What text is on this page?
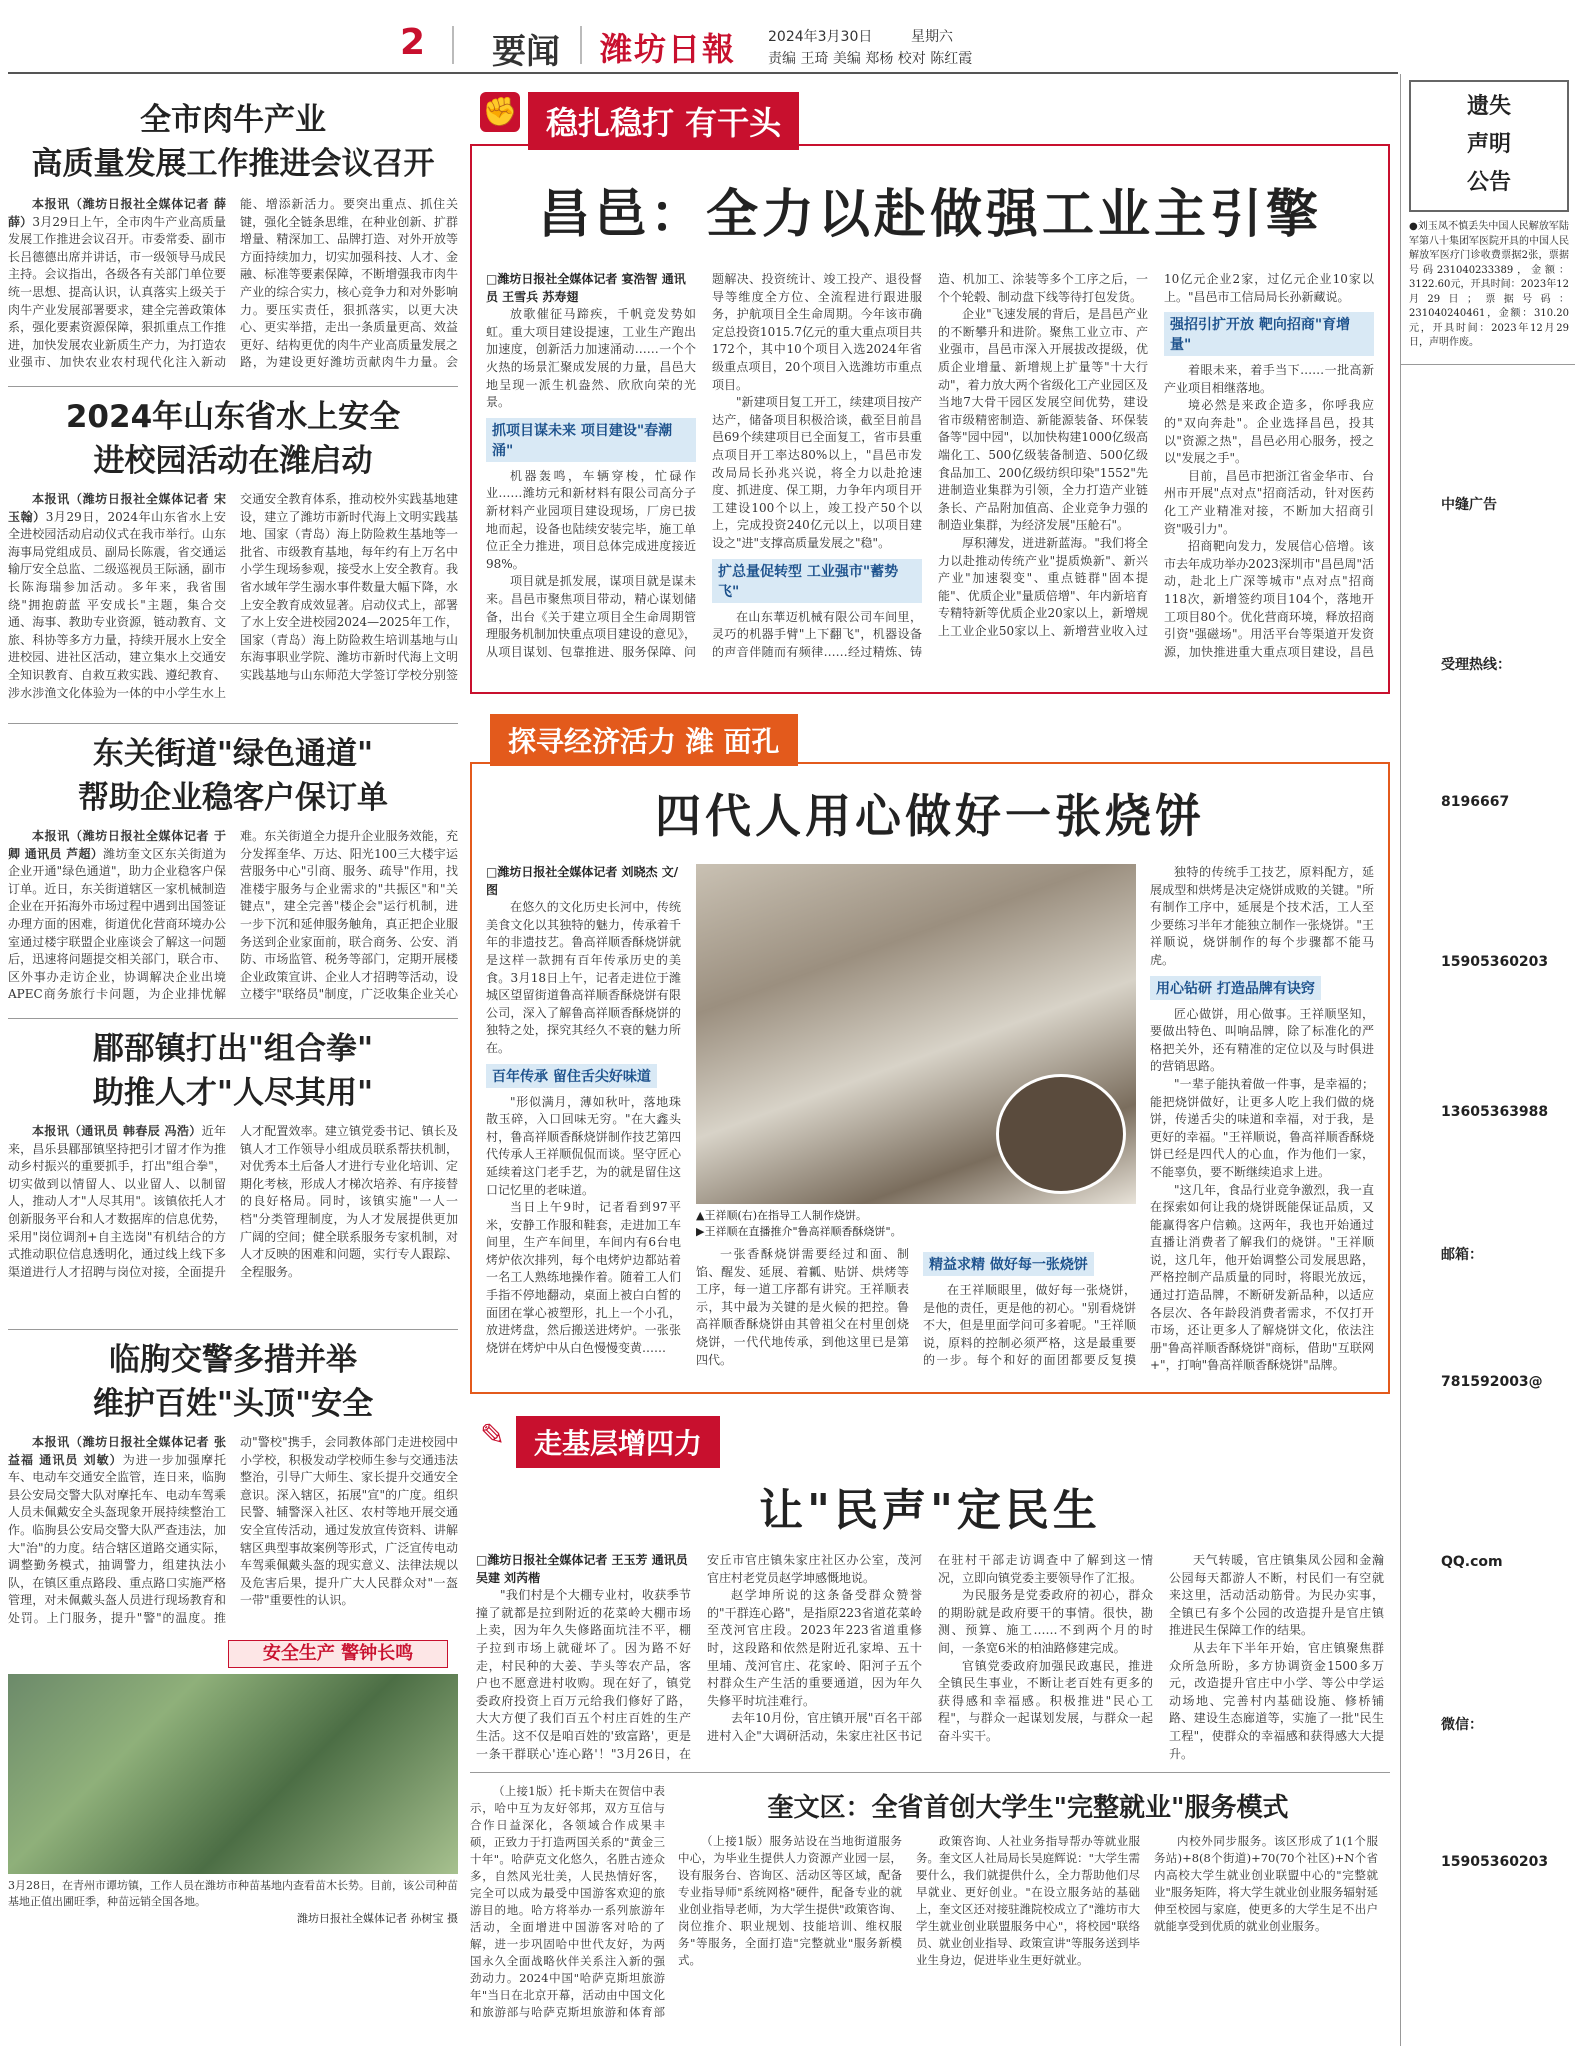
2 要闻 潍坊日報 2024年3月30日	星期六
责编 王琦 美编 郑杨 校对 陈红霞
全市肉牛产业
高质量发展工作推进会议召开

本报讯（潍坊日报社全媒体记者 薛薛）3月29日上午，全市肉牛产业高质量发展工作推进会议召开。市委常委、副市长吕德德出席并讲话，市一级领导马成民主持。会议指出，各级各有关部门单位要统一思想、提高认识，认真落实上级关于肉牛产业发展部署要求，建全完善政策体系，强化要素资源保障，狠抓重点工作推进，加快发展农业新质生产力，为打造农业强市、加快农业农村现代化注入新动能、增添新活力。要突出重点、抓住关键，强化全链条思维，在种业创新、扩群增量、精深加工、品牌打造、对外开放等方面持续加力，切实加强科技、人才、金融、标准等要素保障，不断增强我市肉牛产业的综合实力，核心竞争力和对外影响力。要压实责任，狠抓落实，以更大决心、更实举措，走出一条质量更高、效益更好、结构更优的肉牛产业高质量发展之路，为建设更好潍坊贡献肉牛力量。会

2024年山东省水上安全
进校园活动在潍启动

本报讯（潍坊日报社全媒体记者 宋玉翰）3月29日，2024年山东省水上安全进校园活动启动仪式在我市举行。山东海事局党组成员、副局长陈震，省交通运输厅安全总监、二级巡视员王际涵，副市长陈海瑞参加活动。多年来，我省围绕"拥抱蔚蓝 平安成长"主题，集合交通、海事、教助专业资源，链动教育、文旅、科协等多方力量，持续开展水上安全进校园、进社区活动，建立集水上交通安全知识教育、自救互救实践、遵纪教育、涉水涉渔文化体验为一体的中小学生水上交通安全教育体系，推动校外实践基地建设，建立了潍坊市新时代海上文明实践基地、国家（青岛）海上防险救生基地等一批省、市级教育基地，每年约有上万名中小学生现场参观，接受水上安全教育。我省水域年学生溺水事件数量大幅下降，水上安全教育成效显著。启动仪式上，部署了水上安全进校园2024—2025年工作，国家（青岛）海上防险救生培训基地与山东海事职业学院、潍坊市新时代海上文明实践基地与山东师范大学签订学校分别签

东关街道"绿色通道"
帮助企业稳客户保订单

本报讯（潍坊日报社全媒体记者 于卿 通讯员 芦超）潍坊奎文区东关街道为企业开通"绿色通道"，助力企业稳客户保订单。近日，东关街道辖区一家机械制造企业在开拓海外市场过程中遇到出国签证办理方面的困难，街道优化营商环境办公室通过楼宇联盟企业座谈会了解这一问题后，迅速将问题提交相关部门，联合市、区外事办走访企业，协调解决企业出境APEC商务旅行卡问题，为企业排忧解难。东关街道全力提升企业服务效能，充分发挥奎华、万达、阳光100三大楼宇运营服务中心"引商、服务、疏导"作用，找准楼宇服务与企业需求的"共振区"和"关键点"，建全完善"楼企会"运行机制，进一步下沉和延伸服务触角，真正把企业服务送到企业家面前，联合商务、公安、消防、市场监管、税务等部门，定期开展楼企业政策宣讲、企业人才招聘等活动，设立楼宇"联络员"制度，广泛收集企业关心

郿郚镇打出"组合拳"
助推人才"人尽其用"

本报讯（通讯员 韩春辰 冯浩）近年来，昌乐县郿郚镇坚持把引才留才作为推动乡村振兴的重要抓手，打出"组合拳"，切实做到以情留人、以业留人、以制留人，推动人才"人尽其用"。该镇依托人才创新服务平台和人才数据库的信息优势，采用"岗位调剂+自主选岗"有机结合的方式推动职位信息透明化，通过线上线下多渠道进行人才招聘与岗位对接，全面提升人才配置效率。建立镇党委书记、镇长及镇人才工作领导小组成员联系帮扶机制，对优秀本土后备人才进行专业化培训、定期化考核，形成人才梯次培养、有序接替的良好格局。同时，该镇实施"一人一档"分类管理制度，为人才发展提供更加广阔的空间；健全联系服务专家机制，对人才反映的困难和问题，实行专人跟踪、全程服务。

临朐交警多措并举
维护百姓"头顶"安全

本报讯（潍坊日报社全媒体记者 张益福 通讯员 刘敏）为进一步加强摩托车、电动车交通安全监管，连日来，临朐县公安局交警大队对摩托车、电动车驾乘人员未佩戴安全头盔现象开展持续整治工作。临朐县公安局交警大队严查违法，加大"治"的力度。结合辖区道路交通实际，调整勤务模式，抽调警力，组建执法小队，在镇区重点路段、重点路口实施严格管理，对未佩戴头盔人员进行现场教育和处罚。上门服务，提升"警"的温度。推动"警校"携手，会同教体部门走进校园中小学校，积极发动学校师生参与交通违法整治，引导广大师生、家长提升交通安全意识。深入辖区，拓展"宣"的广度。组织民警、辅警深入社区、农村等地开展交通安全宣传活动，通过发放宣传资料、讲解辖区典型事故案例等形式，广泛宣传电动车驾乘佩戴头盔的现实意义、法律法规以及危害后果，提升广大人民群众对"一盔一带"重要性的认识。

安全生产 警钟长鸣

3月28日，在青州市谭坊镇，工作人员在潍坊市种苗基地内查看苗木长势。目前，该公司种苗基地正值出圃旺季，种苗远销全国各地。

潍坊日报社全媒体记者 孙树宝 摄

✊ 稳扎稳打 有干头
昌邑：全力以赴做强工业主引擎

□潍坊日报社全媒体记者 宴浩智 通讯员 王雪兵 苏寿翅

放歌催征马蹄疾，千帆竞发势如虹。重大项目建设提速，工业生产跑出加速度，创新活力加速涌动……一个个火热的场景汇聚成发展的力量，昌邑大地呈现一派生机盎然、欣欣向荣的光景。

抓项目谋未来 项目建设"春潮涌"

机器轰鸣，车辆穿梭，忙碌作业……潍坊元和新材料有限公司高分子新材料产业园项目建设现场，厂房已拔地而起，设备也陆续安装完毕，施工单位正全力推进，项目总体完成进度接近98%。

项目就是抓发展，谋项目就是谋未来。昌邑市聚焦项目带动，精心谋划储备，出台《关于建立项目全生命周期管理服务机制加快重点项目建设的意见》，从项目谋划、包靠推进、服务保障、问题解决、投资统计、竣工投产、退役督导等维度全方位、全流程进行跟进服务，护航项目全生命周期。今年该市确定总投资1015.7亿元的重大重点项目共172个，其中10个项目入选2024年省级重点项目，20个项目入选潍坊市重点项目。

"新建项目复工开工，续建项目按产达产，储备项目积极洽谈，截至目前昌邑69个续建项目已全面复工，省市县重点项目开工率达80%以上，"昌邑市发改局局长孙兆兴说，将全力以赴抢速度、抓进度、保工期，力争年内项目开工建设100个以上，竣工投产50个以上，完成投资240亿元以上，以项目建设之"进"支撑高质量发展之"稳"。

扩总量促转型 工业强市"蓄势飞"

在山东華迈机械有限公司车间里，灵巧的机器手臂"上下翻飞"，机器设备的声音伴随而有频律……经过精炼、铸造、机加工、涂装等多个工序之后，一个个轮毂、制动盘下线等待打包发货。

企业"飞速发展的背后，是昌邑产业的不断攀升和进阶。聚焦工业立市、产业强市，昌邑市深入开展拔改提级，优质企业增量、新增规上扩量等"十大行动"，着力放大两个省级化工产业园区及当地7大骨干园区发展空间优势，建设省市级精密制造、新能源装备、环保装备等"园中园"，以加快构建1000亿级高端化工、500亿级装备制造、500亿级食品加工、200亿级纺织印染"1552"先进制造业集群为引领，全力打造产业链条长、产品附加值高、企业竞争力强的制造业集群，为经济发展"压舱石"。

厚积薄发，迸进新蓝海。"我们将全力以赴推动传统产业"提质焕新"、新兴产业"加速裂变"、重点链群"固本提能"、优质企业"量质倍增"、年内新培育专精特新等优质企业20家以上，新增规上工业企业50家以上、新增营业收入过10亿元企业2家，过亿元企业10家以上。"昌邑市工信局局长孙新藏说。

强招引扩开放 靶向招商"育增量"

着眼未来，着手当下……一批高新产业项目相继落地。

境必然是来政企造多，你呼我应的"双向奔赴"。企业选择昌邑，投其以"资源之热"，昌邑必用心服务，授之以"发展之手"。

目前，昌邑市把浙江省金华市、台州市开展"点对点"招商活动，针对医药化工产业精准对接，不断加大招商引资"吸引力"。

招商靶向发力，发展信心倍增。该市去年成功举办2023深圳市"昌邑周"活动，赴北上广深等城市"点对点"招商118次，新增签约项目104个，落地开工项目80个。优化营商环境，释放招商引资"强磁场"。用活平台等渠道开发资源，加快推进重大重点项目建设，昌邑

探寻经济活力 潍 面孔
四代人用心做好一张烧饼

□潍坊日报社全媒体记者 刘晓杰 文/图

在悠久的文化历史长河中，传统美食文化以其独特的魅力，传承着千年的非遗技艺。鲁高祥顺香酥烧饼就是这样一款拥有百年传承历史的美食。3月18日上午，记者走进位于潍城区望留街道鲁高祥顺香酥烧饼有限公司，深入了解鲁高祥顺香酥烧饼的独特之处，探究其经久不衰的魅力所在。

百年传承 留住舌尖好味道

"形似满月，薄如秋叶，落地珠散玉碎，入口回味无穷。"在大鑫头村，鲁高祥顺香酥烧饼制作技艺第四代传承人王祥顺侃侃而谈。坚守匠心延续着这门老手艺，为的就是留住这口记忆里的老味道。

当日上午9时，记者看到97平米，安静工作服和鞋套，走进加工车间里，生产车间里，车间内有6台电烤炉依次排列，每个电烤炉边都站着一名工人熟练地操作着。随着工人们手指不停地翻动，桌面上被白白皙的面团在掌心被塑形，扎上一个小孔，放进烤盘，然后搬送进烤炉。一张张烧饼在烤炉中从白色慢慢变黄……

▲王祥顺(右)在指导工人制作烧饼。

▶王祥顺在直播推介"鲁高祥顺香酥烧饼"。

一张香酥烧饼需要经过和面、制馅、醒发、延展、着瓤、贴饼、烘烤等工序，每一道工序都有讲究。王祥顺表示，其中最为关键的是火候的把控。鲁高祥顺香酥烧饼由其曾祖父在村里创烧烧饼，一代代地传承，到他这里已是第四代。

精益求精 做好每一张烧饼

在王祥顺眼里，做好每一张烧饼，是他的责任，更是他的初心。"别看烧饼不大，但是里面学问可多着呢。"王祥顺说，原料的控制必须严格，这是最重要的一步。每个和好的面团都要反复摸

独特的传统手工技艺，原料配方，延展成型和烘烤是决定烧饼成败的关键。"所有制作工序中，延展是个技术活，工人至少要练习半年才能独立制作一张烧饼。"王祥顺说，烧饼制作的每个步骤都不能马虎。

用心钻研 打造品牌有诀窍

匠心做饼，用心做事。王祥顺坚知，要做出特色、叫响品牌，除了标准化的严格把关外，还有精准的定位以及与时俱进的营销思路。

"一辈子能执着做一件事，是幸福的；能把烧饼做好，让更多人吃上我们做的烧饼，传递舌尖的味道和幸福，对于我，是更好的幸福。"王祥顺说，鲁高祥顺香酥烧饼已经是四代人的心血，作为他们一家，不能辜负，要不断继续追求上进。

"这几年，食品行业竞争激烈，我一直在探索如何让我的烧饼既能保证品质，又能赢得客户信赖。这两年，我也开始通过直播让消费者了解我们的烧饼。"王祥顺说，这几年，他开始调整公司发展思路，严格控制产品质量的同时，将眼光放远，通过打造品牌，不断研发新品种，以适应各层次、各年龄段消费者需求，不仅打开市场，还让更多人了解烧饼文化，依法注册"鲁高祥顺香酥烧饼"商标，借助"互联网+"，打响"鲁高祥顺香酥烧饼"品牌。

✎	走基层增四力
让"民声"定民生

□潍坊日报社全媒体记者 王玉芳 通讯员 吴建 刘芮楷

"我们村是个大棚专业村，收获季节撞了就都是拉到附近的花菜岭大棚市场上卖，因为年久失修路面坑洼不平，棚子拉到市场上就碰坏了。因为路不好走，村民种的大姜、芋头等农产品，客户也不愿意进村收购。现在好了，镇党委政府投资上百万元给我们修好了路，大大方便了我们百五个村庄百姓的生产生活。这不仅是咱百姓的'致富路'，更是一条干群联心'连心路'！"3月26日，在安丘市官庄镇朱家庄社区办公室，茂河官庄村老党员赵学坤感慨地说。

赵学坤所说的这条备受群众赞誉的"干群连心路"，是指原223省道花菜岭至茂河官庄段。2023年223省道重修时，这段路和依然是附近孔家埠、五十里埔、茂河官庄、花家岭、阳河子五个村群众生产生活的重要通道，因为年久失修平时坑洼难行。

去年10月份，官庄镇开展"百名干部进村入企"大调研活动，朱家庄社区书记在驻村干部走访调查中了解到这一情况，立即向镇党委主要领导作了汇报。

为民服务是党委政府的初心，群众的期盼就是政府要干的事情。很快，勘测、预算、施工……不到两个月的时间，一条宽6米的柏油路修建完成。

官镇党委政府加强民政惠民，推进全镇民生事业，不断让老百姓有更多的获得感和幸福感。积极推进"民心工程"，与群众一起谋划发展，与群众一起奋斗实干。

天气转暖，官庄镇集凤公园和金瀚公园每天都游人不断，村民们一有空就来这里，活动活动筋骨。为民办实事，全镇已有多个公园的改造提升是官庄镇推进民生保障工作的结果。

从去年下半年开始，官庄镇聚焦群众所急所盼，多方协调资金1500多万元，改造提升官庄中小学、等公中学运动场地、完善村内基础设施、修桥铺路、建设生态廊道等，实施了一批"民生工程"，使群众的幸福感和获得感大大提升。

（上接1版）托卡斯夫在贺信中表示，哈中互为友好邻邦，双方互信与合作日益深化，各领域合作成果丰硕，正致力于打造两国关系的"黄金三十年"。哈萨克文化悠久，名胜古迹众多，自然风光壮美，人民热情好客，完全可以成为最受中国游客欢迎的旅游目的地。哈方将举办一系列旅游年活动，全面增进中国游客对哈的了解，进一步巩固哈中世代友好，为两国永久全面战略伙伴关系注入新的强劲动力。2024中国"哈萨克斯坦旅游年"当日在北京开幕，活动由中国文化和旅游部与哈萨克斯坦旅游和体育部

奎文区：全省首创大学生"完整就业"服务模式

（上接1版）服务站设在当地街道服务中心，为毕业生提供人力资源产业园一层，设有服务台、咨询区、活动区等区域，配备专业指导师"系统网格"硬件，配备专业的就业创业指导老师，为大学生提供"政策咨询、岗位推介、职业规划、技能培训、维权服务"等服务，全面打造"完整就业"服务新模式。

政策咨询、人社业务指导帮办等就业服务。奎文区人社局局长吴庭辉说："大学生需要什么，我们就提供什么，全力帮助他们尽早就业、更好创业。"在设立服务站的基础上，奎文区还对接驻潍院校成立了"潍坊市大学生就业创业联盟服务中心"，将校园"联络员、就业创业指导、政策宣讲"等服务送到毕业生身边，促进毕业生更好就业。

内校外同步服务。该区形成了1(1个服务站)+8(8个街道)+70(70个社区)+N个省内高校大学生就业创业联盟中心的"完整就业"服务矩阵，将大学生就业创业服务辐射延伸至校园与家庭，使更多的大学生足不出户就能享受到优质的就业创业服务。

遗失声明公告

●刘玉凤不慎丢失中国人民解放军陆军第八十集团军医院开具的中国人民解放军医疗门诊收费票据2张，票据号码231040233389，金额：3122.60元，开具时间：2023年12月29日；票据号码：231040240461，金额：310.20元，开具时间：2023年12月29日，声明作废。

中缝广告
受理热线：
8196667
15905360203
13605363988
邮箱：
781592003@
QQ.com
微信：
15905360203
